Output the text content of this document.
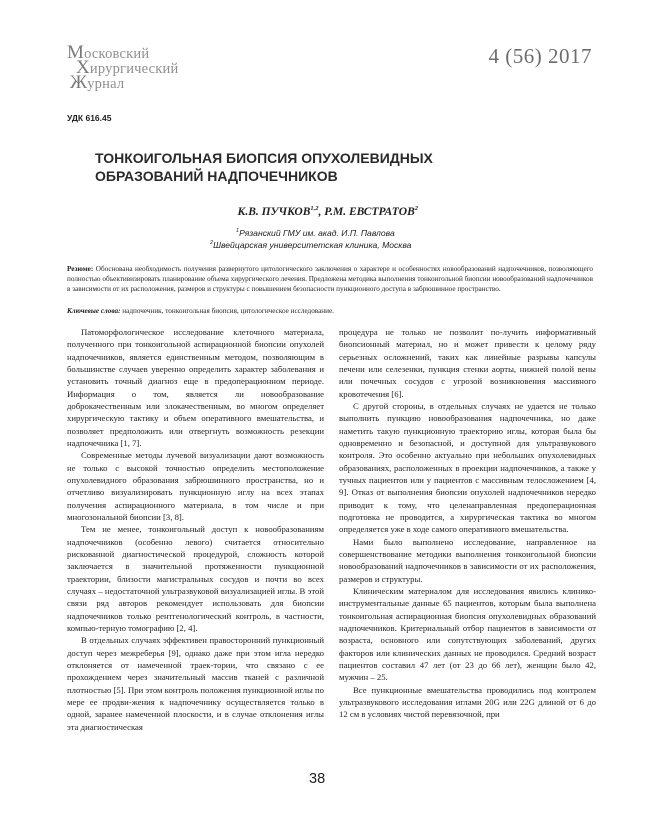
Московский
Хирургический
Журнал
4 (56) 2017
УДК 616.45
ТОНКОИГОЛЬНАЯ БИОПСИЯ ОПУХОЛЕВИДНЫХ
ОБРАЗОВАНИЙ НАДПОЧЕЧНИКОВ
К.В. ПУЧКОВ$^{1,2}$, Р.М. ЕВСТРАТОВ$^2$
$^1$Рязанский ГМУ им. акад. И.П. Павлова
$^2$Швейцарская университетская клиника, Москва
Резюме: Обоснована необходимость получения развернутого цитологического заключения о характере и особенностях новообразований надпочечников, позволяющего полностью объективизировать планирование объема хирургического лечения. Предложена методика выполнения тонкоигольной биопсии новообразований надпочечников в зависимости от их расположения, размеров и структуры с повышением безопасности пункционного доступа в забрюшинное пространство.
Ключевые слова: надпочечник, тонкоигольная биопсия, цитологическое исследование.

Патоморфологическое исследование клеточного материала, полученного при тонкоигольной аспирационной биопсии опухолей надпочечников, является единственным методом, позволяющим в большинстве случаев уверенно определить характер заболевания и установить точный диагноз еще в предоперационном периоде. Информация о том, является ли новообразование доброкачественным или злокачественным, во многом определяет хирургическую тактику и объем оперативного вмешательства, и позволяет предположить или отвергнуть возможность резекции надпочечника [1, 7].

Современные методы лучевой визуализации дают возможность не только с высокой точностью определить местоположение опухолевидного образования забрюшинного пространства, но и отчетливо визуализировать пункционную иглу на всех этапах получения аспирационного материала, в том числе и при многозональной биопсии [3, 8].

Тем не менее, тонкоигольный доступ к новообразованиям надпочечников (особенно левого) считается относительно рискованной диагностической процедурой, сложность которой заключается в значительной протяженности пункционной траектории, близости магистральных сосудов и почти во всех случаях – недостаточной ультразвуковой визуализацией иглы. В этой связи ряд авторов рекомендует использовать для биопсии надпочечников только рентгенологический контроль, в частности, компью-терную томографию [2, 4].

В отдельных случаях эффективен правосторонний пункционный доступ через межреберья [9], однако даже при этом игла нередко отклоняется от намеченной траек-тории, что связано с ее прохождением через значительный массив тканей с различной плотностью [5]. При этом контроль положения пункционной иглы по мере ее продви-жения к надпочечнику осуществляется только в одной, заранее намеченной плоскости, и в случае отклонения иглы эта диагностическая

процедура не только не позволит по-лучить информативный биопсионный материал, но и может привести к целому ряду серьезных осложнений, таких как линейные разрывы капсулы печени или селезенки, пункция стенки аорты, нижней полой вены или почечных сосудов с угрозой возникновения массивного кровотечения [6].

С другой стороны, в отдельных случаях не удается не только выполнить пункцию новообразования надпочечника, но даже наметить такую пункционную траекторию иглы, которая была бы одновременно и безопасной, и доступной для ультразвукового контроля. Это особенно актуально при небольших опухолевидных образованиях, расположенных в проекции надпочечников, а также у тучных пациентов или у пациентов с массивным телосложением [4, 9]. Отказ от выполнения биопсии опухолей надпочечников нередко приводит к тому, что целенаправленная предоперационная подготовка не проводится, а хирургическая тактика во многом определяется уже в ходе самого оперативного вмешательства.

Нами было выполнено исследование, направленное на совершенствование методики выполнения тонкоигольной биопсии новообразований надпочечников в зависимости от их расположения, размеров и структуры.

Клиническим материалом для исследования явились клинико-инструментальные данные 65 пациентов, которым была выполнена тонкоигольная аспирационная биопсия опухолевидных образований надпочечников. Критериальный отбор пациентов в зависимости от возраста, основного или сопутствующих заболеваний, других факторов или клинических данных не проводился. Средний возраст пациентов составил 47 лет (от 23 до 66 лет), женщин было 42, мужчин – 25.

Все пункционные вмешательства проводились под контролем ультразвукового исследования иглами 20G или 22G длиной от 6 до 12 см в условиях чистой перевязочной, при

38
